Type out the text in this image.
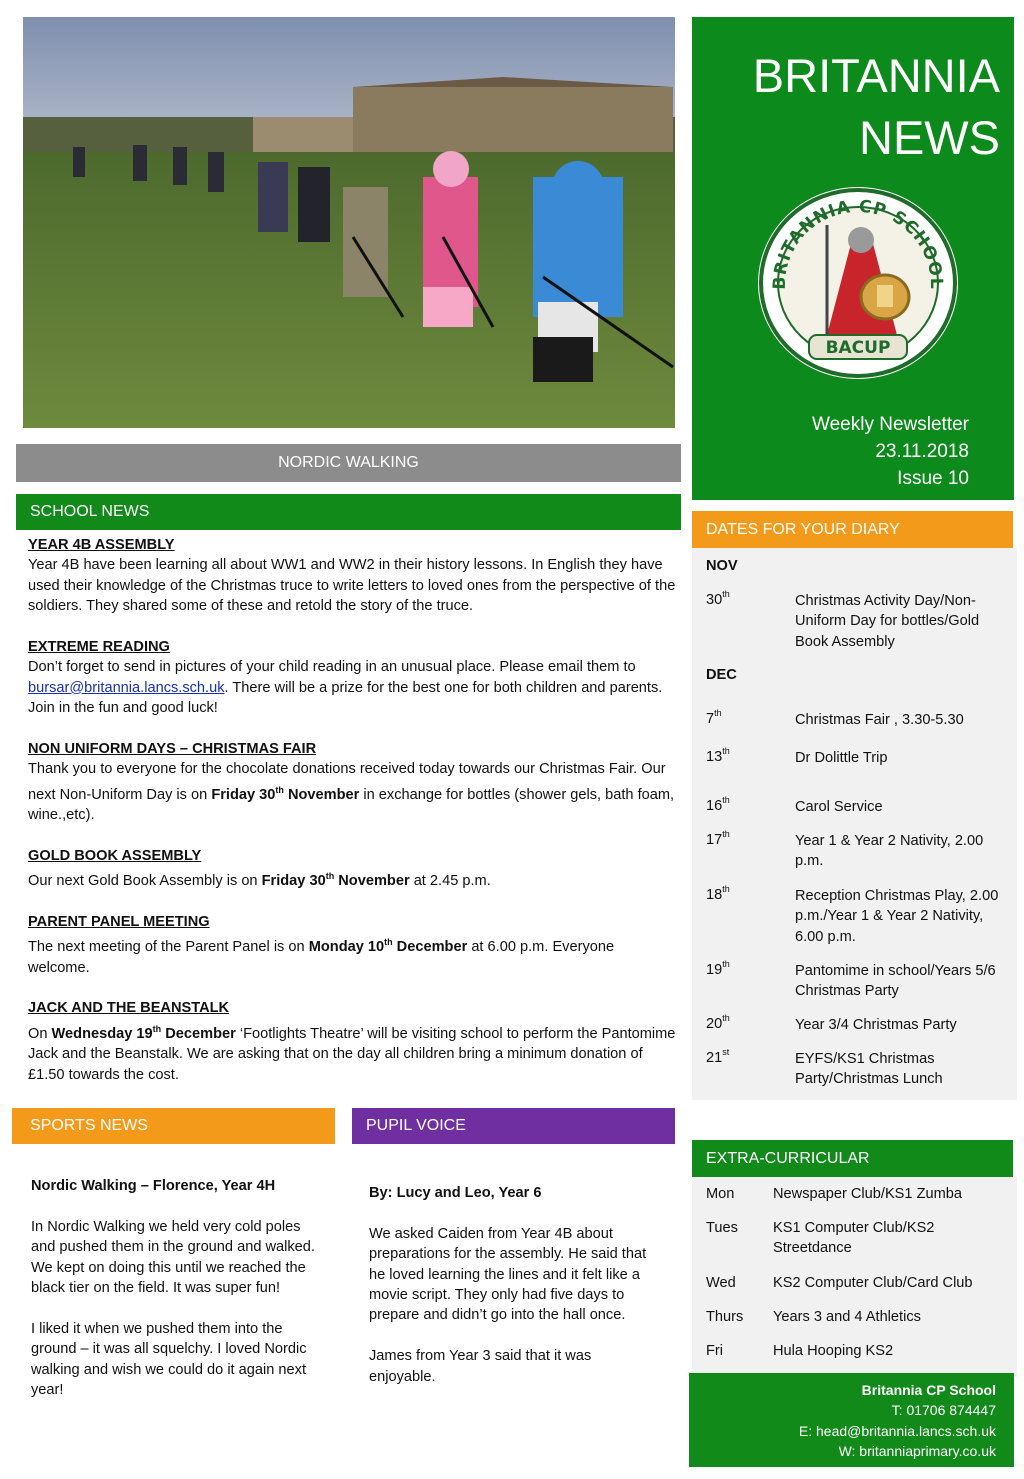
NORDIC WALKING
SCHOOL NEWS
YEAR 4B ASSEMBLY

Year 4B have been learning all about WW1 and WW2 in their history lessons. In English they have used their knowledge of the Christmas truce to write letters to loved ones from the perspective of the soldiers. They shared some of these and retold the story of the truce.

EXTREME READING

Don’t forget to send in pictures of your child reading in an unusual place. Please email them to bursar@britannia.lancs.sch.uk. There will be a prize for the best one for both children and parents. Join in the fun and good luck!

NON UNIFORM DAYS – CHRISTMAS FAIR

Thank you to everyone for the chocolate donations received today towards our Christmas Fair. Our next Non-Uniform Day is on Friday 30th November in exchange for bottles (shower gels, bath foam, wine.,etc).

GOLD BOOK ASSEMBLY

Our next Gold Book Assembly is on Friday 30th November at 2.45 p.m.

PARENT PANEL MEETING

The next meeting of the Parent Panel is on Monday 10th December at 6.00 p.m. Everyone welcome.

JACK AND THE BEANSTALK

On Wednesday 19th December ‘Footlights Theatre’ will be visiting school to perform the Pantomime Jack and the Beanstalk. We are asking that on the day all children bring a minimum donation of £1.50 towards the cost.

SPORTS NEWS
Nordic Walking – Florence, Year 4H

In Nordic Walking we held very cold poles and pushed them in the ground and walked. We kept on doing this until we reached the black tier on the field. It was super fun!

I liked it when we pushed them into the ground – it was all squelchy. I loved Nordic walking and wish we could do it again next year!

PUPIL VOICE
By: Lucy and Leo, Year 6

We asked Caiden from Year 4B about preparations for the assembly. He said that he loved learning the lines and it felt like a movie script. They only had five days to prepare and didn’t go into the hall once.

James from Year 3 said that it was enjoyable.

BRITANNIA
NEWS
BRITANNIA CP SCHOOL
BACUP
Weekly Newsletter
23.11.2018
Issue 10
DATES FOR YOUR DIARY
NOV
DEC
30th	Christmas Activity Day/Non-Uniform Day for bottles/Gold Book Assembly
7th	Christmas Fair , 3.30-5.30
13th	Dr Dolittle Trip
16th	Carol Service
17th	Year 1 & Year 2 Nativity, 2.00 p.m.
18th	Reception Christmas Play, 2.00 p.m./Year 1 & Year 2 Nativity, 6.00 p.m.
19th	Pantomime in school/Years 5/6 Christmas Party
20th	Year 3/4 Christmas Party
21st	EYFS/KS1 Christmas Party/Christmas Lunch
EXTRA-CURRICULAR
Mon	Newspaper Club/KS1 Zumba
Tues KS1 Computer Club/KS2 Streetdance
Wed	KS2 Computer Club/Card Club
Thurs Years 3 and 4 Athletics
Fri	Hula Hooping KS2
Britannia CP School
T: 01706 874447
E: head@britannia.lancs.sch.uk
W: britanniaprimary.co.uk
